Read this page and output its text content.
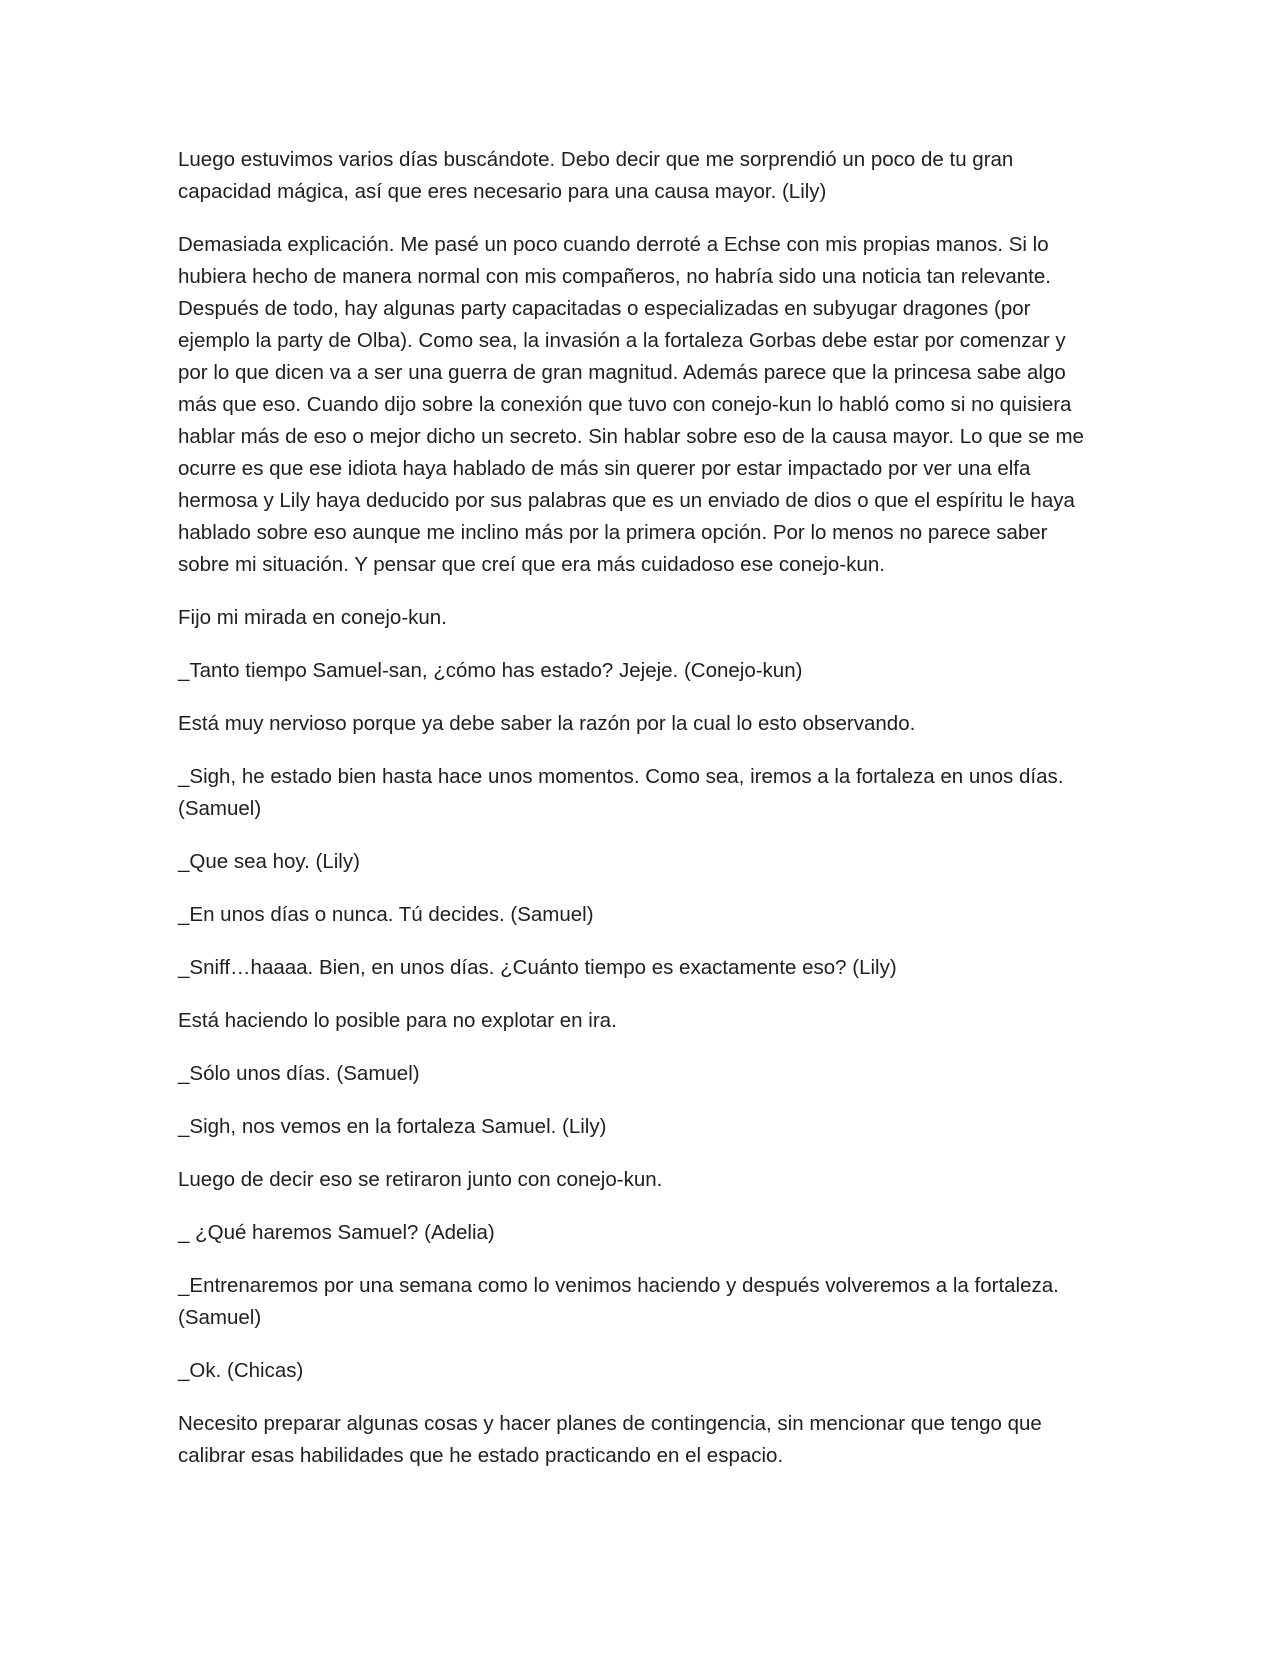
Luego estuvimos varios días buscándote. Debo decir que me sorprendió un poco de tu gran capacidad mágica, así que eres necesario para una causa mayor. (Lily)

Demasiada explicación. Me pasé un poco cuando derroté a Echse con mis propias manos. Si lo hubiera hecho de manera normal con mis compañeros, no habría sido una noticia tan relevante. Después de todo, hay algunas party capacitadas o especializadas en subyugar dragones (por ejemplo la party de Olba). Como sea, la invasión a la fortaleza Gorbas debe estar por comenzar y por lo que dicen va a ser una guerra de gran magnitud. Además parece que la princesa sabe algo más que eso. Cuando dijo sobre la conexión que tuvo con conejo-kun lo habló como si no quisiera hablar más de eso o mejor dicho un secreto. Sin hablar sobre eso de la causa mayor. Lo que se me ocurre es que ese idiota haya hablado de más sin querer por estar impactado por ver una elfa hermosa y Lily haya deducido por sus palabras que es un enviado de dios o que el espíritu le haya hablado sobre eso aunque me inclino más por la primera opción. Por lo menos no parece saber sobre mi situación. Y pensar que creí que era más cuidadoso ese conejo-kun.

Fijo mi mirada en conejo-kun.

_Tanto tiempo Samuel-san, ¿cómo has estado? Jejeje. (Conejo-kun)

Está muy nervioso porque ya debe saber la razón por la cual lo esto observando.

_Sigh, he estado bien hasta hace unos momentos. Como sea, iremos a la fortaleza en unos días. (Samuel)

_Que sea hoy. (Lily)

_En unos días o nunca. Tú decides. (Samuel)

_Sniff…haaaa. Bien, en unos días. ¿Cuánto tiempo es exactamente eso? (Lily)

Está haciendo lo posible para no explotar en ira.

_Sólo unos días. (Samuel)

_Sigh, nos vemos en la fortaleza Samuel. (Lily)

Luego de decir eso se retiraron junto con conejo-kun.

_ ¿Qué haremos Samuel? (Adelia)

_Entrenaremos por una semana como lo venimos haciendo y después volveremos a la fortaleza. (Samuel)

_Ok. (Chicas)

Necesito preparar algunas cosas y hacer planes de contingencia, sin mencionar que tengo que calibrar esas habilidades que he estado practicando en el espacio.
